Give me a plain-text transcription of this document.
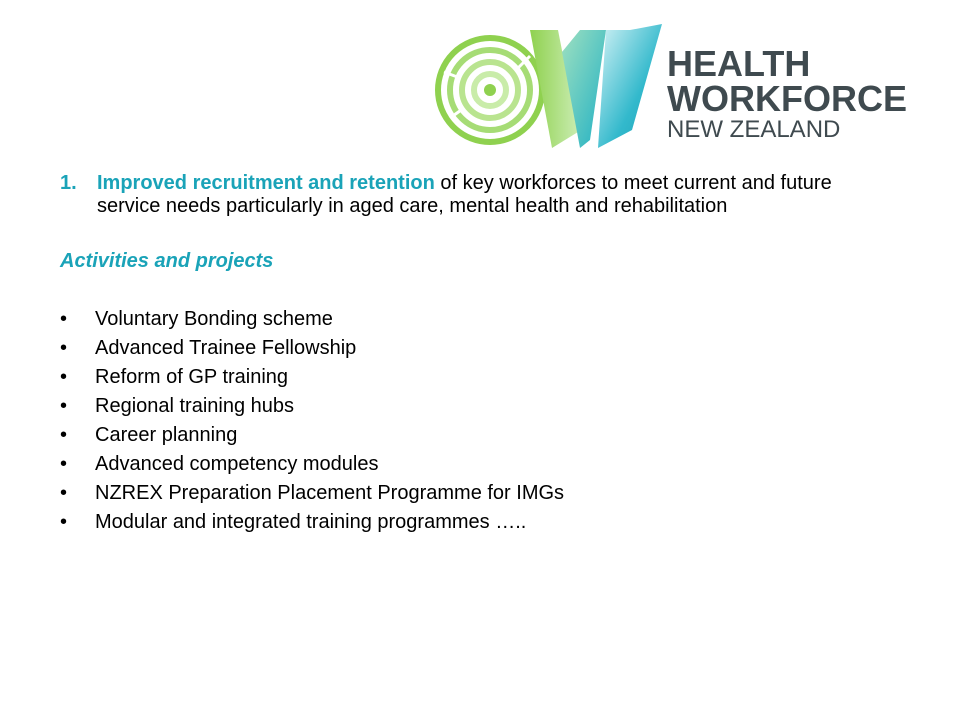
HEALTH
WORKFORCE
NEW ZEALAND
1.	Improved recruitment and retention of key workforces to meet current and future service needs particularly in aged care, mental health and rehabilitation
Activities and projects
•	Voluntary Bonding scheme
•	Advanced Trainee Fellowship
•	Reform of GP training
•	Regional training hubs
•	Career planning
•	Advanced competency modules
•	NZREX Preparation Placement Programme for IMGs
•	Modular and integrated training programmes …..
